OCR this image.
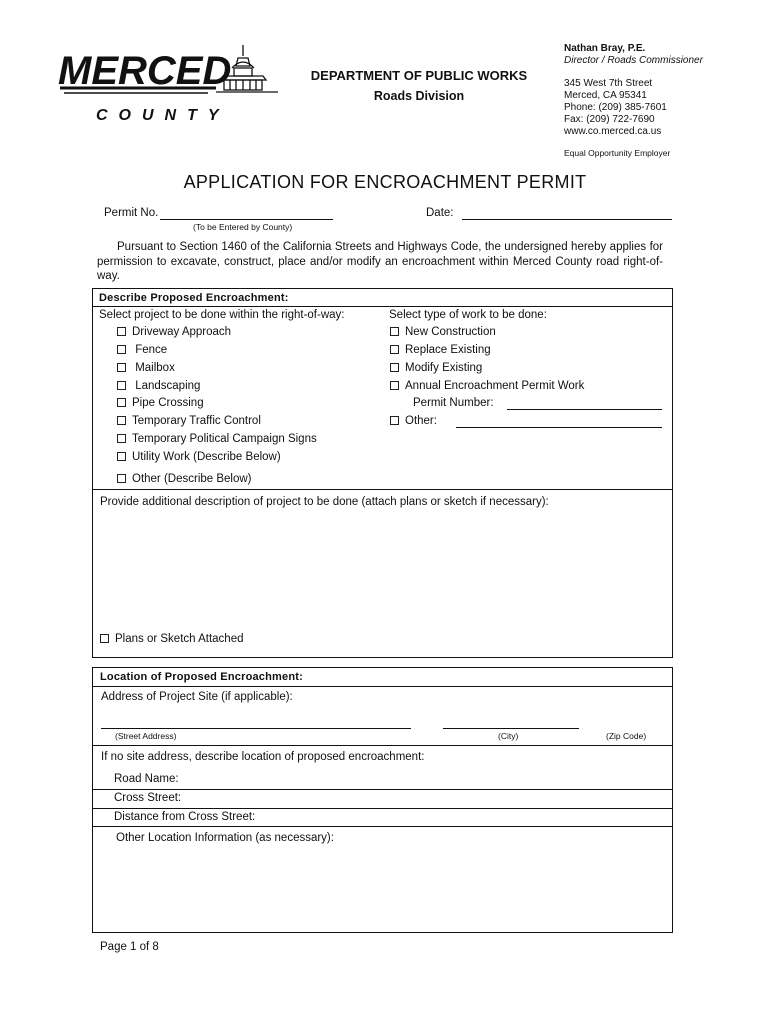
MERCED
COUNTY
DEPARTMENT OF PUBLIC WORKS
Roads Division
Nathan Bray, P.E.
Director / Roads Commissioner
345 West 7th Street
Merced, CA 95341
Phone: (209) 385-7601
Fax: (209) 722-7690
www.co.merced.ca.us
Equal Opportunity Employer
APPLICATION FOR ENCROACHMENT PERMIT
Permit No.
(To be Entered by County)
Date:
Pursuant to Section 1460 of the California Streets and Highways Code, the undersigned hereby applies for permission to excavate, construct, place and/or modify an encroachment within Merced County road right-of-way.
Describe Proposed Encroachment:
Select project to be done within the right-of-way:
Driveway Approach
Fence
Mailbox
Landscaping
Pipe Crossing
Temporary Traffic Control
Temporary Political Campaign Signs
Utility Work (Describe Below)
Other (Describe Below)
Select type of work to be done:
New Construction
Replace Existing
Modify Existing
Annual Encroachment Permit Work
Permit Number:
Other:
Provide additional description of project to be done (attach plans or sketch if necessary):
Plans or Sketch Attached
Location of Proposed Encroachment:
Address of Project Site (if applicable):
(Street Address)	(City)	(Zip Code)
If no site address, describe location of proposed encroachment:
Road Name:
Cross Street:
Distance from Cross Street:
Other Location Information (as necessary):
Page 1 of 8
